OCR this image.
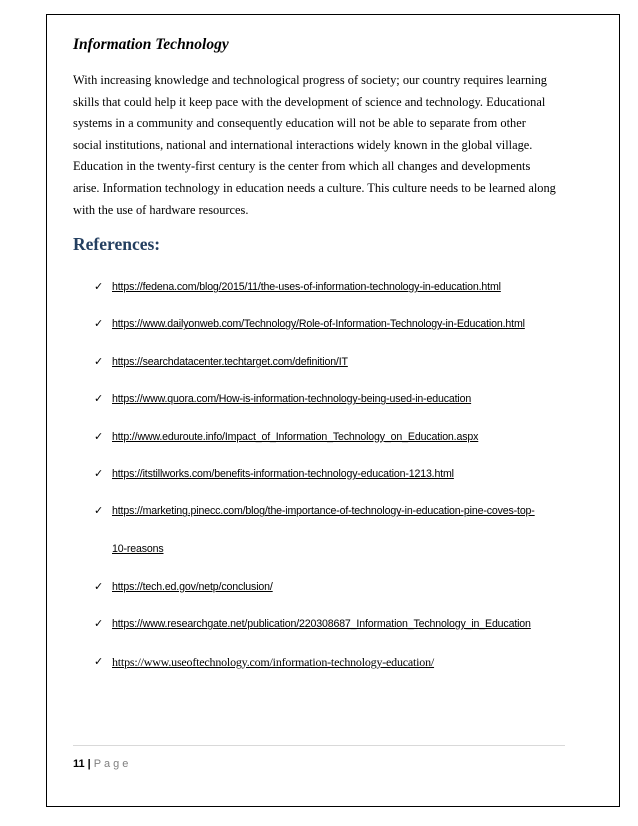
Information Technology
With increasing knowledge and technological progress of society; our country requires learning
skills that could help it keep pace with the development of science and technology. Educational
systems in a community and consequently education will not be able to separate from other
social institutions, national and international interactions widely known in the global village.
Education in the twenty-first century is the center from which all changes and developments
arise. Information technology in education needs a culture. This culture needs to be learned along
with the use of hardware resources.
References:
✓ https://fedena.com/blog/2015/11/the-uses-of-information-technology-in-education.html
✓ https://www.dailyonweb.com/Technology/Role-of-Information-Technology-in-Education.html
✓ https://searchdatacenter.techtarget.com/definition/IT
✓ https://www.quora.com/How-is-information-technology-being-used-in-education
✓ http://www.eduroute.info/Impact_of_Information_Technology_on_Education.aspx
✓ https://itstillworks.com/benefits-information-technology-education-1213.html
✓ https://marketing.pinecc.com/blog/the-importance-of-technology-in-education-pine-coves-top-
10-reasons
✓ https://tech.ed.gov/netp/conclusion/
✓ https://www.researchgate.net/publication/220308687_Information_Technology_in_Education
✓ https://www.useoftechnology.com/information-technology-education/
11 | Page
